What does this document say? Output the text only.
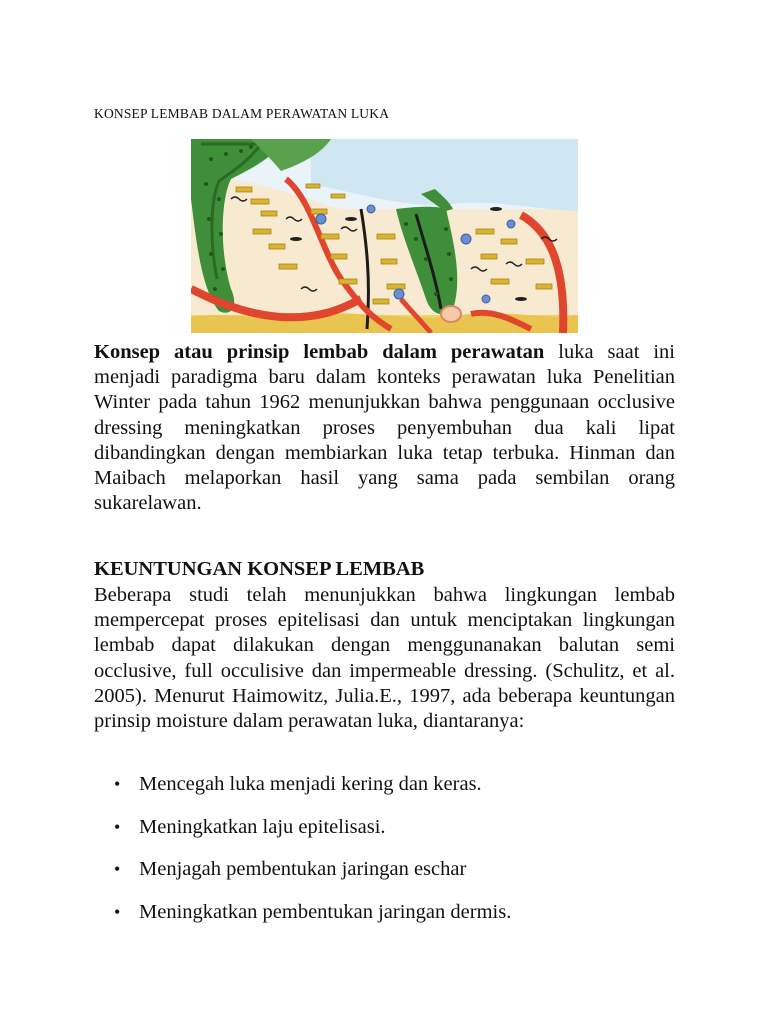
KONSEP LEMBAB DALAM PERAWATAN LUKA

Konsep atau prinsip lembab dalam perawatan luka saat ini menjadi paradigma baru dalam konteks perawatan luka Penelitian Winter pada tahun 1962 menunjukkan bahwa penggunaan occlusive dressing meningkatkan proses penyembuhan dua kali lipat dibandingkan dengan membiarkan luka tetap terbuka. Hinman dan Maibach melaporkan hasil yang sama pada sembilan orang sukarelawan.

KEUNTUNGAN KONSEP LEMBAB

Beberapa studi telah menunjukkan bahwa lingkungan lembab mempercepat proses epitelisasi dan untuk menciptakan lingkungan lembab dapat dilakukan dengan menggunanakan balutan semi occlusive, full occulisive dan impermeable dressing. (Schulitz, et al. 2005). Menurut Haimowitz, Julia.E., 1997, ada beberapa keuntungan prinsip moisture dalam perawatan luka, diantaranya:

• Mencegah luka menjadi kering dan keras.
• Meningkatkan laju epitelisasi.
• Menjagah pembentukan jaringan eschar
• Meningkatkan pembentukan jaringan dermis.
